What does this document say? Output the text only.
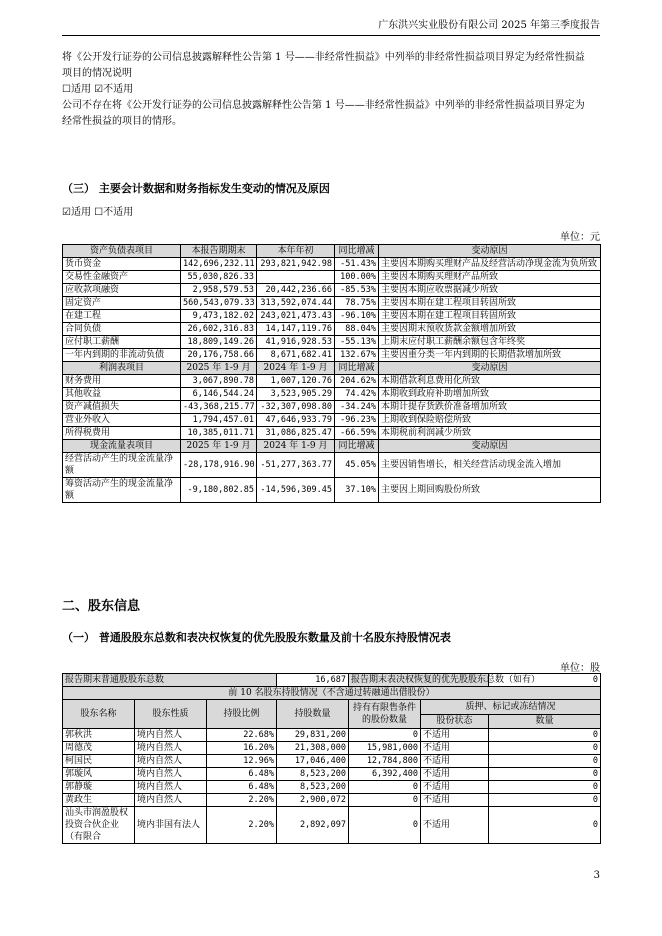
广东洪兴实业股份有限公司 2025 年第三季度报告
将《公开发行证券的公司信息披露解释性公告第 1 号——非经常性损益》中列举的非经常性损益项目界定为经常性损益
项目的情况说明
☐适用 ☑不适用
公司不存在将《公开发行证券的公司信息披露解释性公告第 1 号——非经常性损益》中列举的非经常性损益项目界定为
经常性损益的项目的情形。
（三） 主要会计数据和财务指标发生变动的情况及原因
☑适用 ☐不适用
单位：元
资产负债表项目	本报告期期末	本年年初	同比增减	变动原因
货币资金	142,696,232.11	293,821,942.98	-51.43%	主要因本期购买理财产品及经营活动净现金流为负所致
交易性金融资产	55,030,826.33		100.00%	主要因本期购买理财产品所致
应收款项融资	2,958,579.53	20,442,236.66	-85.53%	主要因本期应收票据减少所致
固定资产	560,543,079.33	313,592,074.44	78.75%	主要因本期在建工程项目转固所致
在建工程	9,473,182.02	243,021,473.43	-96.10%	主要因本期在建工程项目转固所致
合同负债	26,602,316.83	14,147,119.76	88.04%	主要因期末预收货款金额增加所致
应付职工薪酬	18,809,149.26	41,916,928.53	-55.13%	上期末应付职工薪酬余额包含年终奖
一年内到期的非流动负债	20,176,758.66	8,671,682.41	132.67%	主要因重分类一年内到期的长期借款增加所致
利润表项目	2025 年 1-9 月	2024 年 1-9 月	同比增减	变动原因
财务费用	3,067,890.78	1,007,120.76	204.62%	本期借款利息费用化所致
其他收益	6,146,544.24	3,523,905.29	74.42%	本期收到政府补助增加所致
资产减值损失	-43,368,215.77	-32,307,098.80	-34.24%	本期计提存货跌价准备增加所致
营业外收入	1,794,457.01	47,646,933.79	-96.23%	上期收到保险赔偿所致
所得税费用	10,385,011.71	31,086,825.47	-66.59%	本期税前利润减少所致
现金流量表项目	2025 年 1-9 月	2024 年 1-9 月	同比增减	变动原因
经营活动产生的现金流量净额	-28,178,916.90	-51,277,363.77	45.05%	主要因销售增长，相关经营活动现金流入增加
筹资活动产生的现金流量净额	-9,180,802.85	-14,596,309.45	37.10%	主要因上期回购股份所致
二、股东信息
（一） 普通股股东总数和表决权恢复的优先股股东数量及前十名股东持股情况表
单位：股
报告期末普通股股东总数			16,687	报告期末表决权恢复的优先股股东总数（如有）		0
前 10 名股东持股情况（不含通过转融通出借股份）						
股东名称	股东性质	持股比例	持股数量	持有有限售条件的股份数量	质押、标记或冻结情况	
					股份状态	数量
郭秋洪	境内自然人	22.68%	29,831,200	0	不适用	0
周德茂	境内自然人	16.20%	21,308,000	15,981,000	不适用	0
柯国民	境内自然人	12.96%	17,046,400	12,784,800	不适用	0
郭璇风	境内自然人	6.48%	8,523,200	6,392,400	不适用	0
郭静璇	境内自然人	6.48%	8,523,200	0	不适用	0
黄政生	境内自然人	2.20%	2,900,072	0	不适用	0
汕头市润盈股权投资合伙企业（有限合	境内非国有法人	2.20%	2,892,097	0	不适用	0
3
